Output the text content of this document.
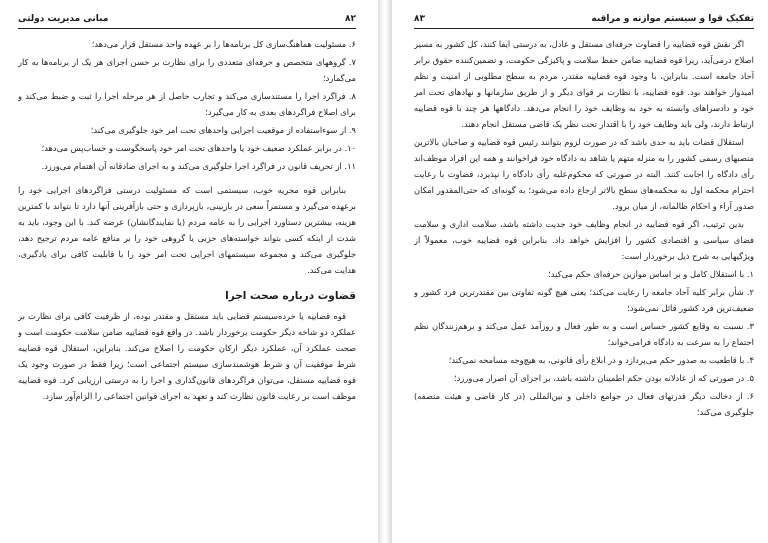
تفکیک قوا و سیستم موازنه و مراقبه
۸۳

اگر نقش قوه قضاییه را قضاوت حرفه‌ای مستقل و عادل، به درستی ایفا کنند، کل کشور به مسیر اصلاح درمی‌آید، زیرا قوه قضاییه ضامن حفظ سلامت و پاکیزگی حکومت، و تضمین‌کننده حقوق برابر آحاد جامعه است. بنابراین، با وجود قوه قضاییه مقتدر، مردم به سطح مطلوبی از امنیت و نظم امیدوار خواهند بود. قوه قضاییه، با نظارت بر قوای دیگر و از طریق سازمانها و نهادهای تحت امر خود و دادسراهای وابسته به خود به وظایف خود را انجام می‌دهد. دادگاهها هر چند با قوه قضاییه ارتباط دارند، ولی باید وظایف خود را با اقتدار تحت نظر یک قاضی مستقل انجام دهند.

استقلال قضات باید به حدی باشد که در صورت لزوم بتوانند رئیس قوه قضاییه و صاحبان بالاترین منصبهای رسمی کشور را به منزله متهم یا شاهد به دادگاه خود فراخوانند و همه این افراد موظف‌اند رأی دادگاه را اجابت کنند. البته در صورتی که محکوم‌علیه رأی دادگاه را نپذیرد، قضاوت با رعایت احترام محکمه اول به محکمه‌های سطح بالاتر ارجاع داده می‌شود؛ به گونه‌ای که حتی‌المقدور امکان صدور آراء و احکام ظالمانه، از میان برود.

بدین ترتیب، اگر قوه قضاییه در انجام وظایف خود جدیت داشته باشد، سلامت اداری و سلامت فضای سیاسی و اقتصادی کشور را افزایش خواهد داد. بنابراین قوه قضاییه خوب، معمولاً از ویژگیهایی به شرح ذیل برخوردار است:

۱. با استقلال کامل و بر اساس موازین حرفه‌ای حکم می‌کند؛
۲. شأن برابر کلیه آحاد جامعه را رعایت می‌کند؛ یعنی هیچ گونه تفاوتی بین مقتدرترین فرد کشور و ضعیف‌ترین فرد کشور قائل نمی‌شود؛
۳. نسبت به وقایع کشور حساس است و به طور فعال و روزآمد عمل می‌کند و برهم‌زنندگان نظم اجتماع را به سرعت به دادگاه فرامی‌خواند؛
۴. با قاطعیت به صدور حکم می‌پردازد و در ابلاغ رأی قانونی، به هیچ‌وجه مسامحه نمی‌کند؛
۵. در صورتی که از عادلانه بودن حکم اطمینان داشته باشد، بر اجرای آن اصرار می‌ورزد؛
۶. از دخالت دیگر قدرتهای فعال در جوامع داخلی و بین‌المللی (در کار قاضی و هیئت منصفه) جلوگیری می‌کند؛
۸۲
مبانی مدیریت دولتی
۶. مسئولیت هماهنگ‌سازی کل برنامه‌ها را بر عهده واحد مستقل قرار می‌دهد؛
۷. گروههای متخصص و حرفه‌ای متعددی را برای نظارت بر حسن اجرای هر یک از برنامه‌ها به کار می‌گمارد؛
۸. فراگرد اجرا را مستندسازی می‌کند و تجارب حاصل از هر مرحله اجرا را ثبت و ضبط می‌کند و برای اصلاح فراگردهای بعدی به کار می‌گیرد؛
۹. از سوءاستفاده از موقعیت اجرایی واحدهای تحت امر خود جلوگیری می‌کند؛
۱۰. در برابر عملکرد ضعیف خود یا واحدهای تحت امر خود پاسخگوست و حساب‌پس می‌دهد؛
۱۱. از تحریف قانون در فراگرد اجرا جلوگیری می‌کند و به اجرای صادقانه آن اهتمام می‌ورزد.

بنابراین قوه مجریه خوب، سیستمی است که مسئولیت درستی فراگردهای اجرایی خود را برعهده می‌گیرد و مستمراً سعی در بازبینی، بازپردازی و حتی بازآفرینی آنها دارد تا بتواند با کمترین هزینه، بیشترین دستاورد اجرایی را به عامه مردم (یا نمایندگانشان) عرضه کند. با این وجود، باید به شدت از اینکه کسی بتواند خواسته‌های حزبی یا گروهی خود را بر منافع عامه مردم ترجیح دهد، جلوگیری می‌کند و مجموعه سیستمهای اجرایی تحت امر خود را با قابلیت کافی برای یادگیری، هدایت می‌کند.

قضاوت درباره صحت اجرا

قوه قضاییه یا خرده‌سیستم قضایی باید مستقل و مقتدر بوده، از ظرفیت کافی برای نظارت بر عملکرد دو شاخه دیگر حکومت برخوردار باشد. در واقع قوه قضاییه ضامن سلامت حکومت است و صحت عملکرد آن، عملکرد دیگر ارکان حکومت را اصلاح می‌کند. بنابراین، استقلال قوه قضاییه شرط موفقیت آن و شرط هوشمندسازی سیستم اجتماعی است؛ زیرا فقط در صورت وجود یک قوه قضاییه مستقل، می‌توان فراگردهای قانون‌گذاری و اجرا را به درستی ارزیابی کرد. قوه قضاییه موظف است بر رعایت قانون نظارت کند و تعهد به اجرای قوانین اجتماعی را الزام‌آور سازد.
